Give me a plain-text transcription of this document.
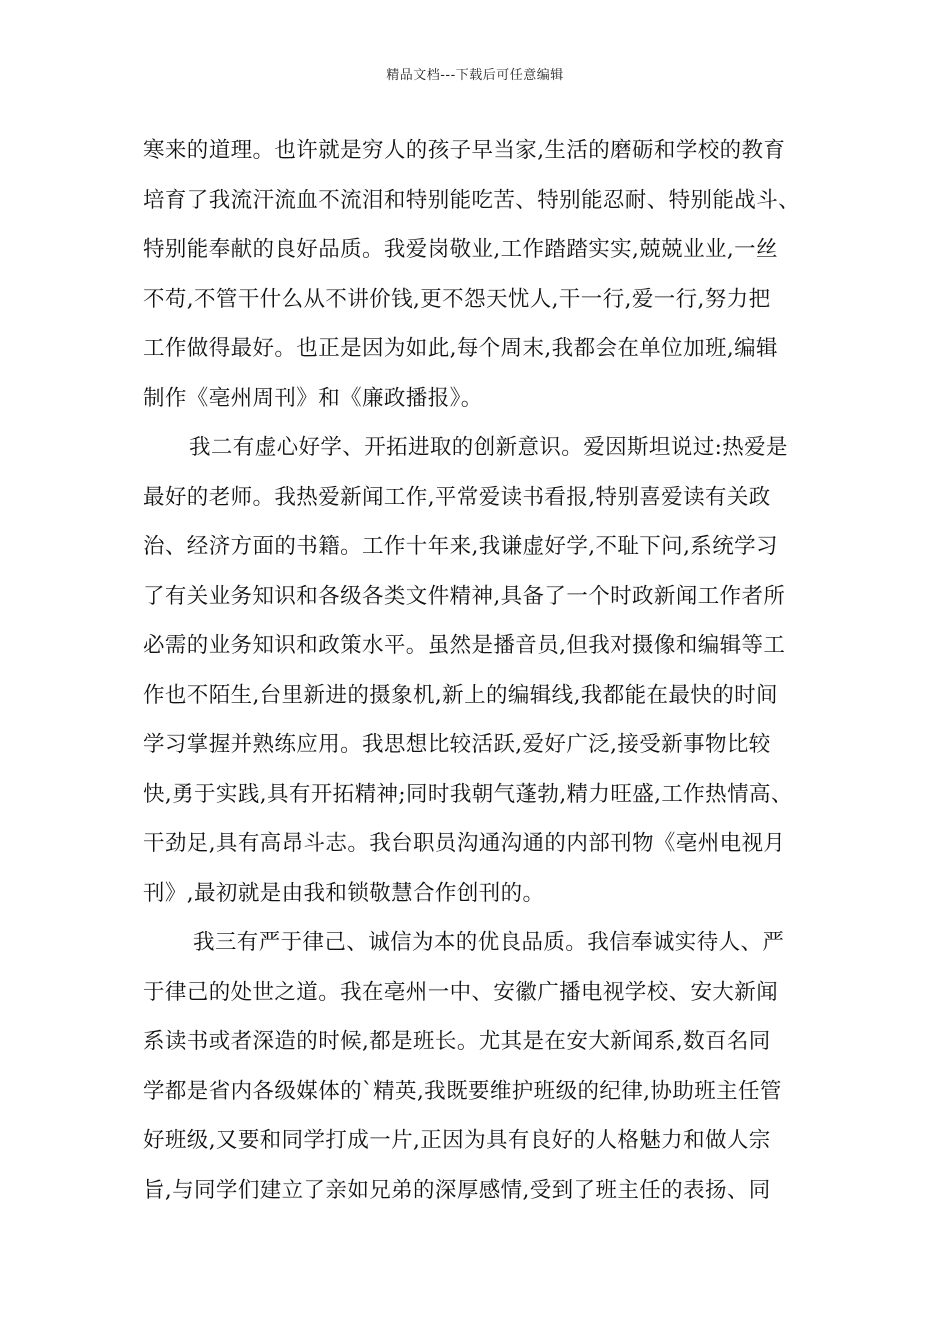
精品文档---下载后可任意编辑
寒来的道理。也许就是穷人的孩子早当家,生活的磨砺和学校的教育
培育了我流汗流血不流泪和特别能吃苦、特别能忍耐、特别能战斗、
特别能奉献的良好品质。我爱岗敬业,工作踏踏实实,兢兢业业,一丝
不苟,不管干什么从不讲价钱,更不怨天忧人,干一行,爱一行,努力把
工作做得最好。也正是因为如此,每个周末,我都会在单位加班,编辑
制作《亳州周刊》和《廉政播报》。
我二有虚心好学、开拓进取的创新意识。爱因斯坦说过:热爱是
最好的老师。我热爱新闻工作,平常爱读书看报,特别喜爱读有关政
治、经济方面的书籍。工作十年来,我谦虚好学,不耻下问,系统学习
了有关业务知识和各级各类文件精神,具备了一个时政新闻工作者所
必需的业务知识和政策水平。虽然是播音员,但我对摄像和编辑等工
作也不陌生,台里新进的摄象机,新上的编辑线,我都能在最快的时间
学习掌握并熟练应用。我思想比较活跃,爱好广泛,接受新事物比较
快,勇于实践,具有开拓精神;同时我朝气蓬勃,精力旺盛,工作热情高、
干劲足,具有高昂斗志。我台职员沟通沟通的内部刊物《亳州电视月
刊》,最初就是由我和锁敬慧合作创刊的。
我三有严于律己、诚信为本的优良品质。我信奉诚实待人、严
于律己的处世之道。我在亳州一中、安徽广播电视学校、安大新闻
系读书或者深造的时候,都是班长。尤其是在安大新闻系,数百名同
学都是省内各级媒体的`精英,我既要维护班级的纪律,协助班主任管
好班级,又要和同学打成一片,正因为具有良好的人格魅力和做人宗
旨,与同学们建立了亲如兄弟的深厚感情,受到了班主任的表扬、同
